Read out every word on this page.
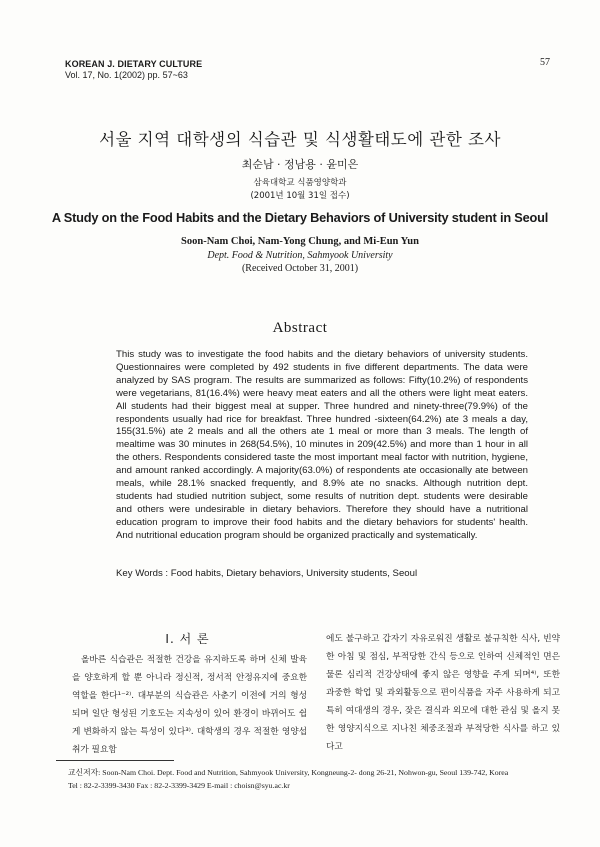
KOREAN J. DIETARY CULTURE
Vol. 17, No. 1(2002) pp. 57~63
57
서울 지역 대학생의 식습관 및 식생활태도에 관한 조사
최순남 · 정남용 · 윤미은
삼육대학교 식품영양학과
(2001년 10월 31일 접수)
A Study on the Food Habits and the Dietary Behaviors of University student in Seoul
Soon-Nam Choi, Nam-Yong Chung, and Mi-Eun Yun
Dept. Food & Nutrition, Sahmyook University
(Received October 31, 2001)
Abstract

This study was to investigate the food habits and the dietary behaviors of university students. Questionnaires were completed by 492 students in five different departments. The data were analyzed by SAS program. The results are summarized as follows: Fifty(10.2%) of respondents were vegetarians, 81(16.4%) were heavy meat eaters and all the others were light meat eaters. All students had their biggest meal at supper. Three hundred and ninety-three(79.9%) of the respondents usually had rice for breakfast. Three hundred -sixteen(64.2%) ate 3 meals a day, 155(31.5%) ate 2 meals and all the others ate 1 meal or more than 3 meals. The length of mealtime was 30 minutes in 268(54.5%), 10 minutes in 209(42.5%) and more than 1 hour in all the others. Respondents considered taste the most important meal factor with nutrition, hygiene, and amount ranked accordingly. A majority(63.0%) of respondents ate occasionally ate between meals, while 28.1% snacked frequently, and 8.9% ate no snacks. Although nutrition dept. students had studied nutrition subject, some results of nutrition dept. students were desirable and others were undesirable in dietary behaviors. Therefore they should have a nutritional education program to improve their food habits and the dietary behaviors for students' health. And nutritional education program should be organized practically and systematically.

Key Words : Food habits, Dietary behaviors, University students, Seoul
I. 서 론

올바른 식습관은 적절한 건강을 유지하도록 하며 신체 발육을 양호하게 할 뿐 아니라 정신적, 정서적 안정유지에 중요한 역할을 한다¹⁻²⁾. 대부분의 식습관은 사춘기 이전에 거의 형성되며 일단 형성된 기호도는 지속성이 있어 환경이 바뀌어도 쉽게 변화하지 않는 특성이 있다³⁾. 대학생의 경우 적절한 영양섭취가 필요함

에도 불구하고 갑자기 자유로워진 생활로 불규칙한 식사, 빈약한 아침 및 점심, 부적당한 간식 등으로 인하여 신체적인 면은 물론 심리적 건강상태에 좋지 않은 영향을 주게 되며⁴⁾, 또한 과중한 학업 및 과외활동으로 편이식품을 자주 사용하게 되고 특히 여대생의 경우, 잦은 결식과 외모에 대한 관심 및 올지 못한 영양지식으로 지나친 체중조절과 부적당한 식사를 하고 있다고

교신저자: Soon-Nam Choi. Dept. Food and Nutrition, Sahmyook University, Kongneung-2- dong 26-21, Nohwon-gu, Seoul 139-742, Korea
Tel : 82-2-3399-3430 Fax : 82-2-3399-3429 E-mail : choisn@syu.ac.kr
